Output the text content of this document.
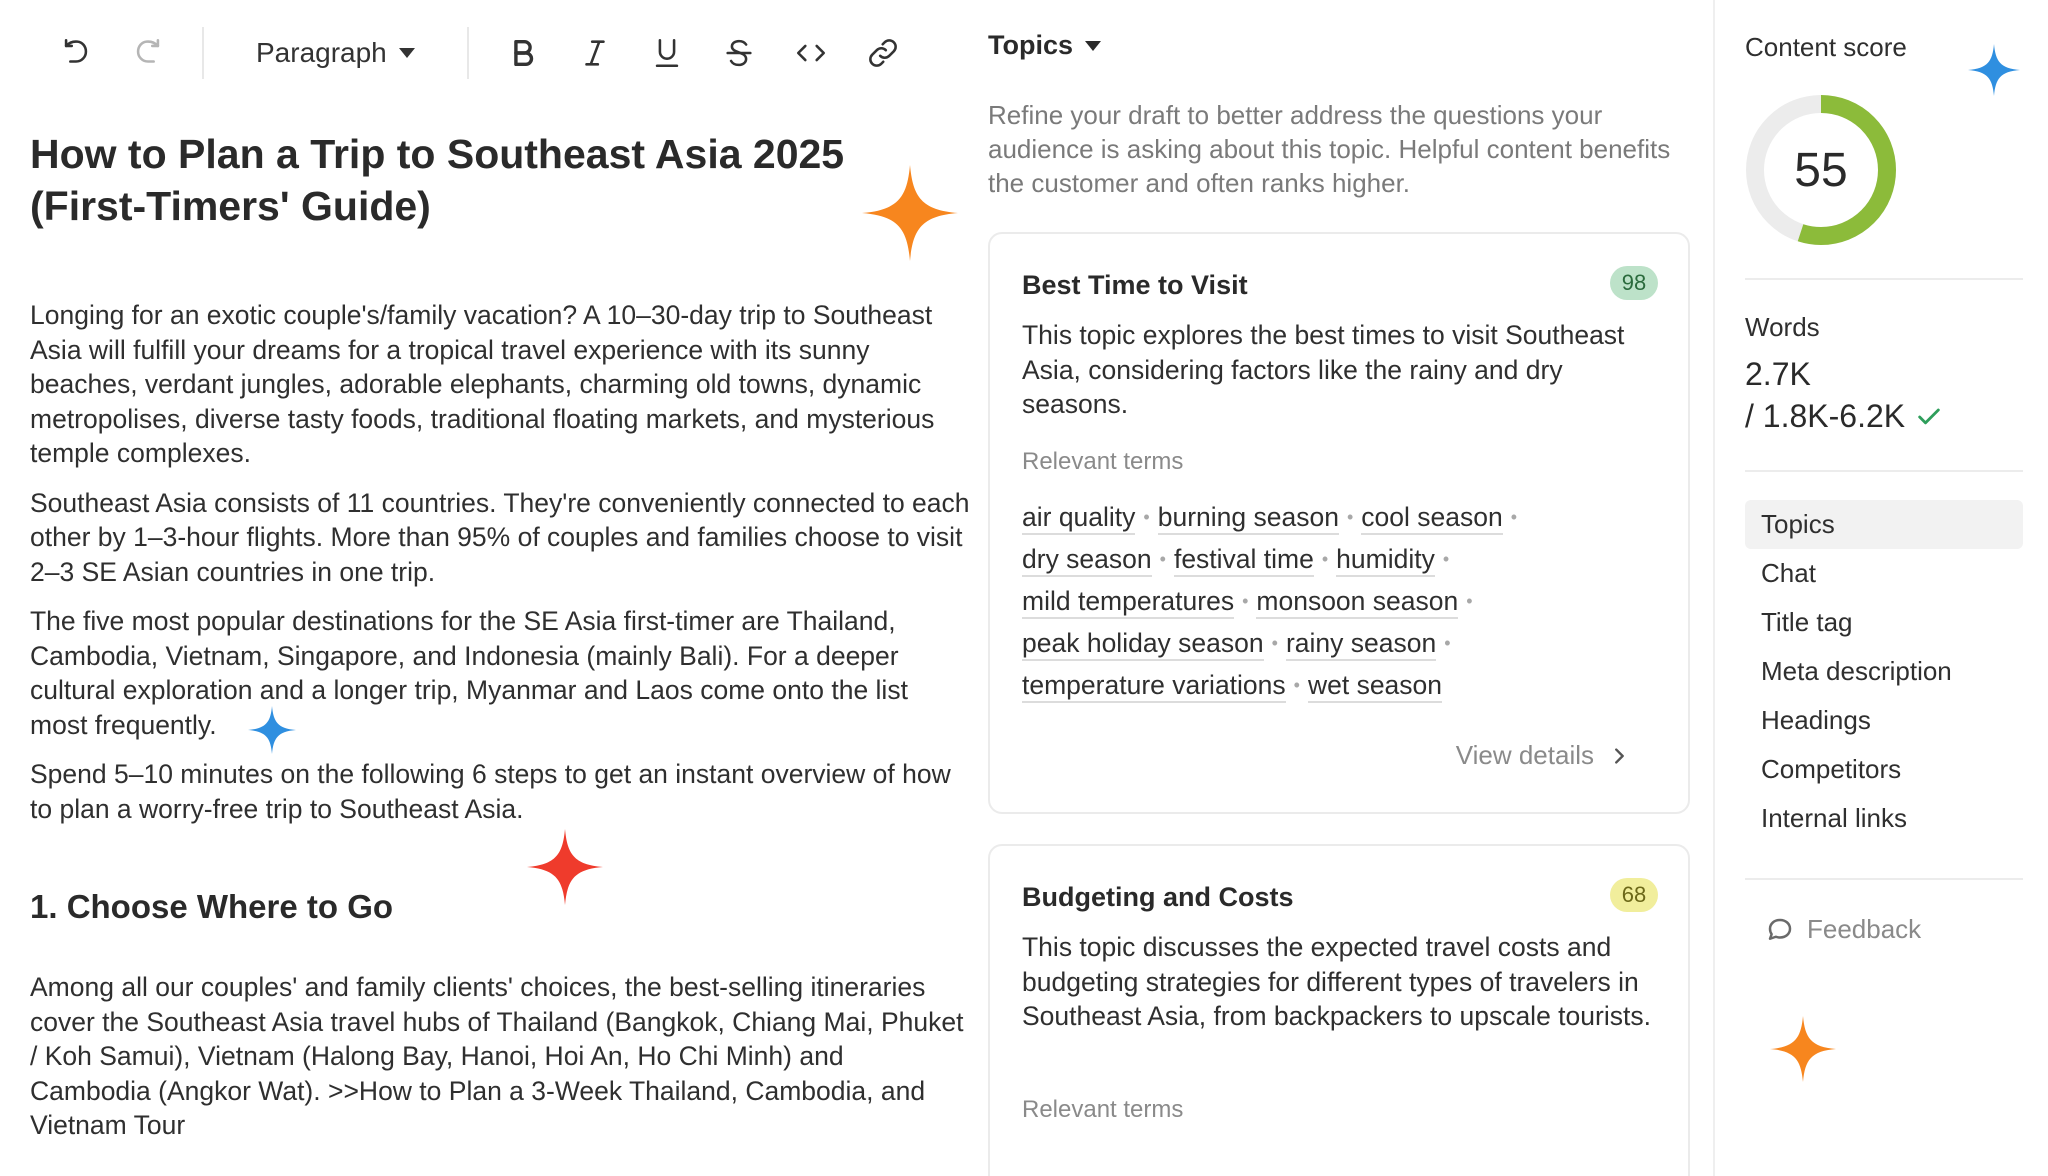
Paragraph
How to Plan a Trip to Southeast Asia 2025 (First-Timers' Guide)

Longing for an exotic couple's/family vacation? A 10–30-day trip to Southeast Asia will fulfill your dreams for a tropical travel experience with its sunny beaches, verdant jungles, adorable elephants, charming old towns, dynamic metropolises, diverse tasty foods, traditional floating markets, and mysterious temple complexes.

Southeast Asia consists of 11 countries. They're conveniently connected to each other by 1–3-hour flights. More than 95% of couples and families choose to visit 2–3 SE Asian countries in one trip.

The five most popular destinations for the SE Asia first-timer are Thailand, Cambodia, Vietnam, Singapore, and Indonesia (mainly Bali). For a deeper cultural exploration and a longer trip, Myanmar and Laos come onto the list most frequently.

Spend 5–10 minutes on the following 6 steps to get an instant overview of how to plan a worry-free trip to Southeast Asia.

1. Choose Where to Go

Among all our couples' and family clients' choices, the best-selling itineraries cover the Southeast Asia travel hubs of Thailand (Bangkok, Chiang Mai, Phuket / Koh Samui), Vietnam (Halong Bay, Hanoi, Hoi An, Ho Chi Minh) and Cambodia (Angkor Wat). >>How to Plan a 3-Week Thailand, Cambodia, and Vietnam Tour

Topics
Refine your draft to better address the questions your audience is asking about this topic. Helpful content benefits the customer and often ranks higher.
Best Time to Visit	98
This topic explores the best times to visit Southeast Asia, considering factors like the rainy and dry seasons.
Relevant terms
air quality • burning season • cool season •
dry season • festival time • humidity •
mild temperatures • monsoon season •
peak holiday season • rainy season •
temperature variations • wet season
View details
Budgeting and Costs	68
This topic discusses the expected travel costs and budgeting strategies for different types of travelers in Southeast Asia, from backpackers to upscale tourists.
Relevant terms
Content score
55
Words
2.7K
/ 1.8K-6.2K
Topics
Chat
Title tag
Meta description
Headings
Competitors
Internal links
Feedback
